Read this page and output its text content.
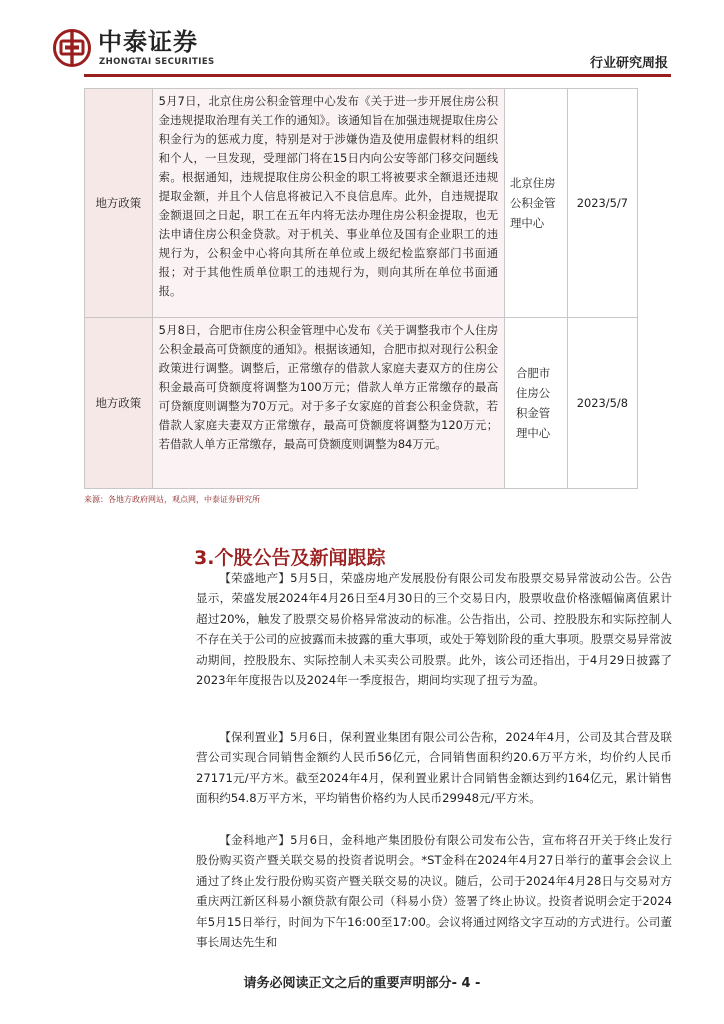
中泰证券
ZHONGTAI SECURITIES	行业研究周报
地方政策	5月7日，北京住房公积金管理中心发布《关于进一步开展住房公积金违规提取治理有关工作的通知》。该通知旨在加强违规提取住房公积金行为的惩戒力度，特别是对于涉嫌伪造及使用虚假材料的组织和个人，一旦发现，受理部门将在15日内向公安等部门移交问题线索。根据通知，违规提取住房公积金的职工将被要求全额退还违规提取金额，并且个人信息将被记入不良信息库。此外，自违规提取金额退回之日起，职工在五年内将无法办理住房公积金提取，也无法申请住房公积金贷款。对于机关、事业单位及国有企业职工的违规行为，公积金中心将向其所在单位或上级纪检监察部门书面通报；对于其他性质单位职工的违规行为，则向其所在单位书面通报。	北京住房公积金管理中心	2023/5/7
地方政策	5月8日，合肥市住房公积金管理中心发布《关于调整我市个人住房公积金最高可贷额度的通知》。根据该通知，合肥市拟对现行公积金政策进行调整。调整后，正常缴存的借款人家庭夫妻双方的住房公积金最高可贷额度将调整为100万元；借款人单方正常缴存的最高可贷额度则调整为70万元。对于多子女家庭的首套公积金贷款，若借款人家庭夫妻双方正常缴存，最高可贷额度将调整为120万元；若借款人单方正常缴存，最高可贷额度则调整为84万元。	合肥市住房公积金管理中心	2023/5/8
来源：各地方政府网站，观点网，中泰证券研究所
3.个股公告及新闻跟踪

【荣盛地产】5月5日，荣盛房地产发展股份有限公司发布股票交易异常波动公告。公告显示，荣盛发展2024年4月26日至4月30日的三个交易日内，股票收盘价格涨幅偏离值累计超过20%，触发了股票交易价格异常波动的标准。公告指出，公司、控股股东和实际控制人不存在关于公司的应披露而未披露的重大事项，或处于筹划阶段的重大事项。股票交易异常波动期间，控股股东、实际控制人未买卖公司股票。此外，该公司还指出，于4月29日披露了2023年年度报告以及2024年一季度报告，期间均实现了扭亏为盈。

【保利置业】5月6日，保利置业集团有限公司公告称，2024年4月，公司及其合营及联营公司实现合同销售金额约人民币56亿元，合同销售面积约20.6万平方米，均价约人民币27171元/平方米。截至2024年4月，保利置业累计合同销售金额达到约164亿元，累计销售面积约54.8万平方米，平均销售价格约为人民币29948元/平方米。

【金科地产】5月6日，金科地产集团股份有限公司发布公告，宣布将召开关于终止发行股份购买资产暨关联交易的投资者说明会。*ST金科在2024年4月27日举行的董事会会议上通过了终止发行股份购买资产暨关联交易的决议。随后，公司于2024年4月28日与交易对方重庆两江新区科易小额贷款有限公司（科易小贷）签署了终止协议。投资者说明会定于2024年5月15日举行，时间为下午16:00至17:00。会议将通过网络文字互动的方式进行。公司董事长周达先生和

请务必阅读正文之后的重要声明部分- 4 -
